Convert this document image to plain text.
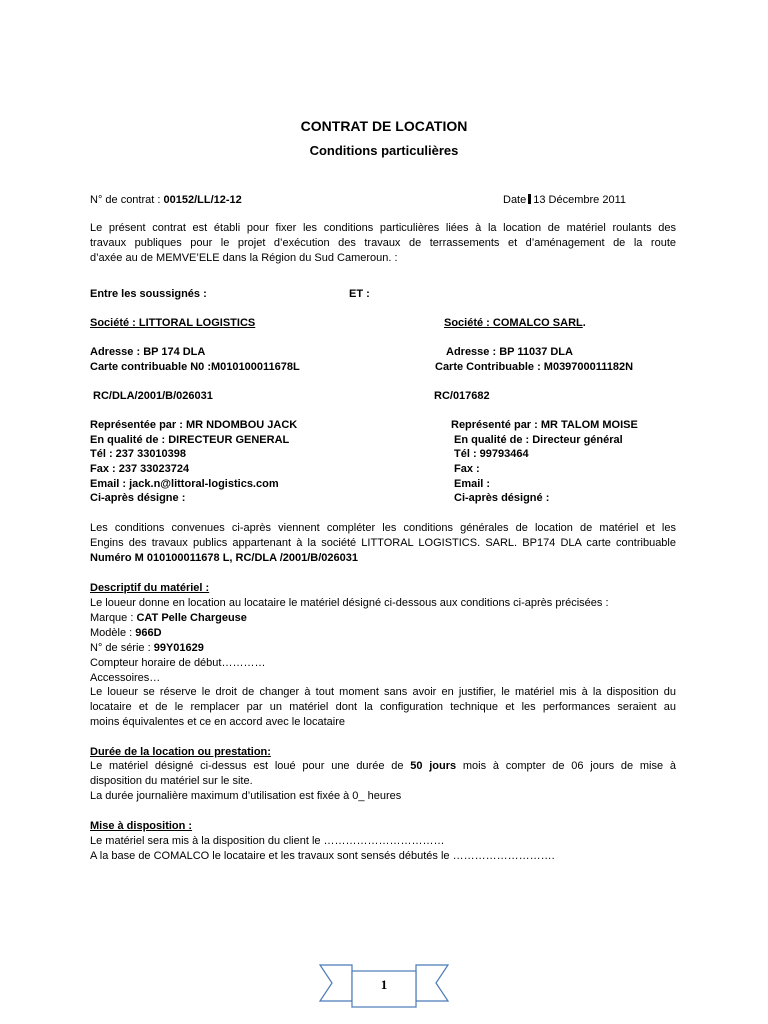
CONTRAT DE LOCATION
Conditions particulières
N° de contrat : 00152/LL/12-12	Date 13 Décembre 2011
Le présent contrat est établi pour fixer les conditions particulières liées à la location de matériel roulants des
travaux publiques pour le projet d’exécution des travaux de terrassements et d’aménagement de la route
d’axée au de MEMVE’ELE dans la Région du Sud Cameroun. :
Entre les soussignés :	ET :
Société : LITTORAL LOGISTICS	Société : COMALCO SARL.
Adresse : BP 174 DLA	Adresse : BP 11037 DLA
Carte contribuable N0 :M010100011678L	Carte Contribuable : M039700011182N
RC/DLA/2001/B/026031	RC/017682
Représentée par : MR NDOMBOU JACK	Représenté par : MR TALOM MOISE
En qualité de : DIRECTEUR GENERAL	En qualité de : Directeur général
Tél : 237 33010398	Tél : 99793464
Fax : 237 33023724	Fax :
Email : jack.n@littoral-logistics.com	Email :
Ci-après désigne :	Ci-après désigné :
Les conditions convenues ci-après viennent compléter les conditions générales de location de matériel et les
Engins des travaux publics appartenant à la société LITTORAL LOGISTICS. SARL. BP174 DLA carte contribuable
Numéro M 010100011678 L, RC/DLA /2001/B/026031
Descriptif du matériel :
Le loueur donne en location au locataire le matériel désigné ci-dessous aux conditions ci-après précisées :
Marque : CAT Pelle Chargeuse
Modèle : 966D
N° de série : 99Y01629
Compteur horaire de début…………
Accessoires…
Le loueur se réserve le droit de changer à tout moment sans avoir en justifier, le matériel mis à la disposition du
locataire et de le remplacer par un matériel dont la configuration technique et les performances seraient au
moins équivalentes et ce en accord avec le locataire
Durée de la location ou prestation:
Le matériel désigné ci-dessus est loué pour une durée de 50 jours mois à compter de 06 jours de mise à
disposition du matériel sur le site.
La durée journalière maximum d’utilisation est fixée à 0_ heures
Mise à disposition :
Le matériel sera mis à la disposition du client le ……………………………
A la base de COMALCO le locataire et les travaux sont sensés débutés le ……………………….
1
